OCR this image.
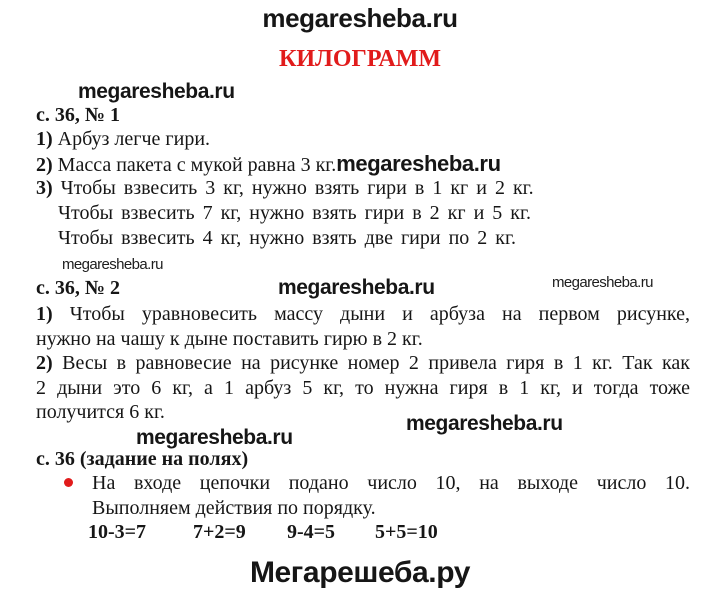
megaresheba.ru
КИЛОГРАММ
megaresheba.ru
с. 36, № 1
1) Арбуз легче гири.
2) Масса пакета с мукой равна 3 кг.megaresheba.ru
3) Чтобы взвесить 3 кг, нужно взять гири в 1 кг и 2 кг.
Чтобы взвесить 7 кг, нужно взять гири в 2 кг и 5 кг.
Чтобы взвесить 4 кг, нужно взять две гири по 2 кг.
megaresheba.ru
с. 36, № 2	megaresheba.ru	megaresheba.ru
1) Чтобы уравновесить массу дыни и арбуза на первом рисунке,
нужно на чашу к дыне поставить гирю в 2 кг.
2) Весы в равновесие на рисунке номер 2 привела гиря в 1 кг. Так как
2 дыни это 6 кг, а 1 арбуз 5 кг, то нужна гиря в 1 кг, и тогда тоже
получится 6 кг.	megaresheba.ru
megaresheba.ru
с. 36 (задание на полях)
На входе цепочки подано число 10, на выходе число 10.
Выполняем действия по порядку.
10-3=7 7+2=9 9-4=5 5+5=10
Мегарешеба.ру
